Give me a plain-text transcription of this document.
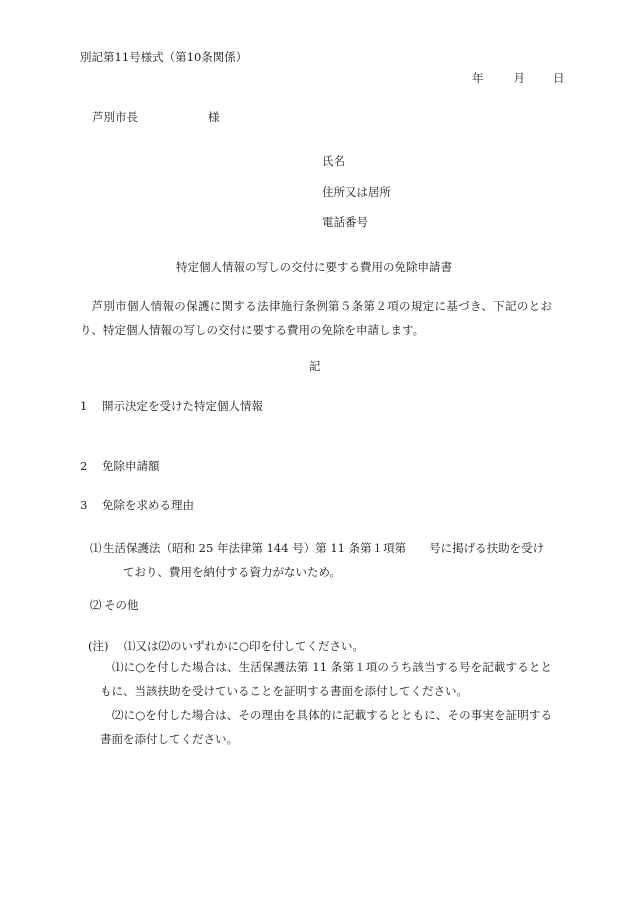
別記第11号様式（第10条関係）
年	月 日
芦別市長	様
氏名
住所又は居所
電話番号
特定個人情報の写しの交付に要する費用の免除申請書
芦別市個人情報の保護に関する法律施行条例第５条第２項の規定に基づき、下記のとおり、特定個人情報の写しの交付に要する費用の免除を申請します。
記
1 開示決定を受けた特定個人情報
2 免除申請額
3 免除を求める理由
⑴ 生活保護法（昭和 25 年法律第 144 号）第 11 条第１項第　　号に掲げる扶助を受けており、費用を納付する資力がないため。
⑵ その他
(注) ⑴又は⑵のいずれかに○印を付してください。
⑴に○を付した場合は、生活保護法第 11 条第１項のうち該当する号を記載するとともに、当該扶助を受けていることを証明する書面を添付してください。
⑵に○を付した場合は、その理由を具体的に記載するとともに、その事実を証明する書面を添付してください。
